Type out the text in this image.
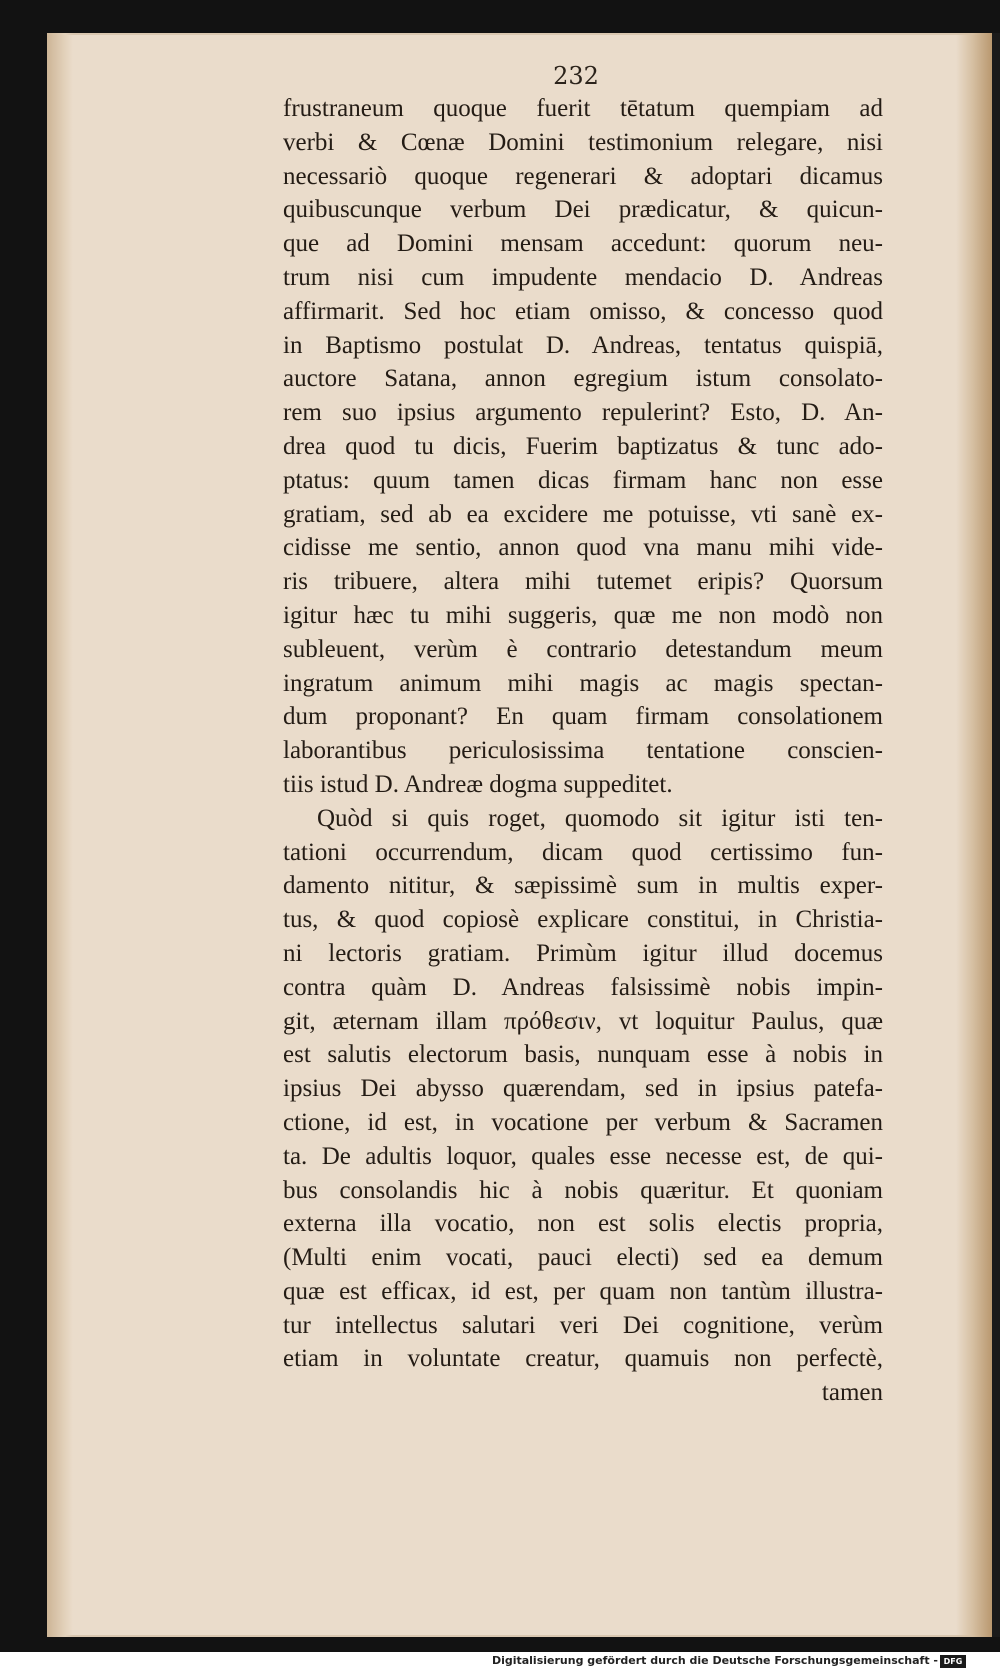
232

frustraneum quoque fuerit tētatum quempiam ad
verbi & Cœnæ Domini testimonium relegare, nisi
necessariò quoque regenerari & adoptari dicamus
quibuscunque verbum Dei prædicatur, & quicun-
que ad Domini mensam accedunt: quorum neu-
trum nisi cum impudente mendacio D. Andreas
affirmarit. Sed hoc etiam omisso, & concesso quod
in Baptismo postulat D. Andreas, tentatus quispiā,
auctore Satana, annon egregium istum consolato-
rem suo ipsius argumento repulerint? Esto, D. An-
drea quod tu dicis, Fuerim baptizatus & tunc ado-
ptatus: quum tamen dicas firmam hanc non esse
gratiam, sed ab ea excidere me potuisse, vti sanè ex-
cidisse me sentio, annon quod vna manu mihi vide-
ris tribuere, altera mihi tutemet eripis? Quorsum
igitur hæc tu mihi suggeris, quæ me non modò non
subleuent, verùm è contrario detestandum meum
ingratum animum mihi magis ac magis spectan-
dum proponant? En quam firmam consolationem
laborantibus periculosissima tentatione conscien-
tiis istud D. Andreæ dogma suppeditet.
Quòd si quis roget, quomodo sit igitur isti ten-
tationi occurrendum, dicam quod certissimo fun-
damento nititur, & sæpissimè sum in multis exper-
tus, & quod copiosè explicare constitui, in Christia-
ni lectoris gratiam. Primùm igitur illud docemus
contra quàm D. Andreas falsissimè nobis impin-
git, æternam illam πρόθεσιν, vt loquitur Paulus, quæ
est salutis electorum basis, nunquam esse à nobis in
ipsius Dei abysso quærendam, sed in ipsius patefa-
ctione, id est, in vocatione per verbum & Sacramen
ta. De adultis loquor, quales esse necesse est, de qui-
bus consolandis hic à nobis quæritur. Et quoniam
externa illa vocatio, non est solis electis propria,
(Multi enim vocati, pauci electi) sed ea demum
quæ est efficax, id est, per quam non tantùm illustra-
tur intellectus salutari veri Dei cognitione, verùm
etiam in voluntate creatur, quamuis non perfectè,
tamen
Digitalisierung gefördert durch die Deutsche Forschungsgemeinschaft - DFG
